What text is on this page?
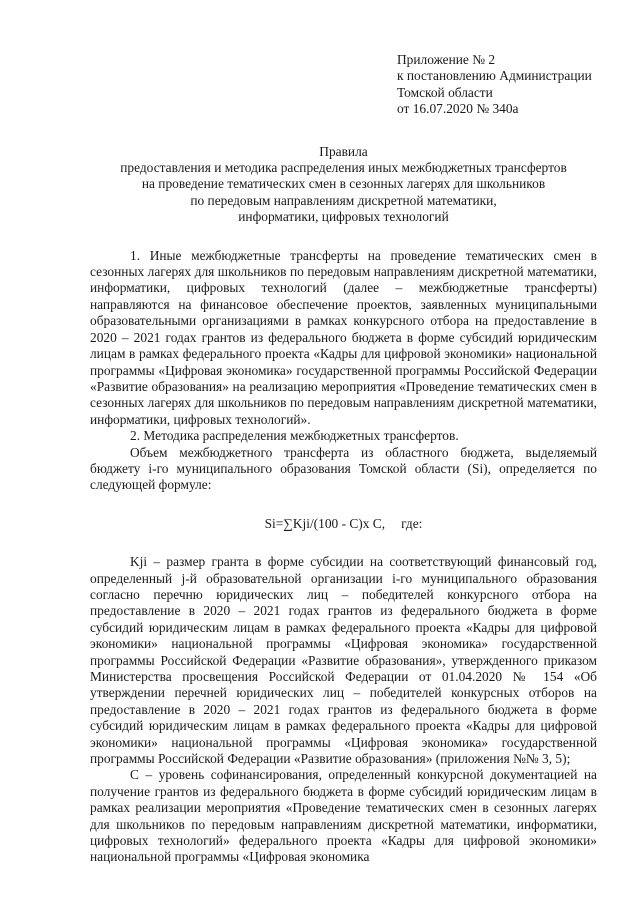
Приложение № 2
к постановлению Администрации
Томской области
от 16.07.2020 № 340а
Правила
предоставления и методика распределения иных межбюджетных трансфертов
на проведение тематических смен в сезонных лагерях для школьников
по передовым направлениям дискретной математики,
информатики, цифровых технологий

1. Иные межбюджетные трансферты на проведение тематических смен в сезонных лагерях для школьников по передовым направлениям дискретной математики, информатики, цифровых технологий (далее – межбюджетные трансферты) направляются на финансовое обеспечение проектов, заявленных муниципальными образовательными организациями в рамках конкурсного отбора на предоставление в 2020 – 2021 годах грантов из федерального бюджета в форме субсидий юридическим лицам в рамках федерального проекта «Кадры для цифровой экономики» национальной программы «Цифровая экономика» государственной программы Российской Федерации «Развитие образования» на реализацию мероприятия «Проведение тематических смен в сезонных лагерях для школьников по передовым направлениям дискретной математики, информатики, цифровых технологий».

2. Методика распределения межбюджетных трансфертов.

Объем межбюджетного трансферта из областного бюджета, выделяемый бюджету i-го муниципального образования Томской области (Si), определяется по следующей формуле:

Si=∑Kji/(100 - C)x C, где:

Kji – размер гранта в форме субсидии на соответствующий финансовый год, определенный j-й образовательной организации i-го муниципального образования согласно перечню юридических лиц – победителей конкурсного отбора на предоставление в 2020 – 2021 годах грантов из федерального бюджета в форме субсидий юридическим лицам в рамках федерального проекта «Кадры для цифровой экономики» национальной программы «Цифровая экономика» государственной программы Российской Федерации «Развитие образования», утвержденного приказом Министерства просвещения Российской Федерации от 01.04.2020 № 154 «Об утверждении перечней юридических лиц – победителей конкурсных отборов на предоставление в 2020 – 2021 годах грантов из федерального бюджета в форме субсидий юридическим лицам в рамках федерального проекта «Кадры для цифровой экономики» национальной программы «Цифровая экономика» государственной программы Российской Федерации «Развитие образования» (приложения №№ 3, 5);

С – уровень софинансирования, определенный конкурсной документацией на получение грантов из федерального бюджета в форме субсидий юридическим лицам в рамках реализации мероприятия «Проведение тематических смен в сезонных лагерях для школьников по передовым направлениям дискретной математики, информатики, цифровых технологий» федерального проекта «Кадры для цифровой экономики» национальной программы «Цифровая экономика
